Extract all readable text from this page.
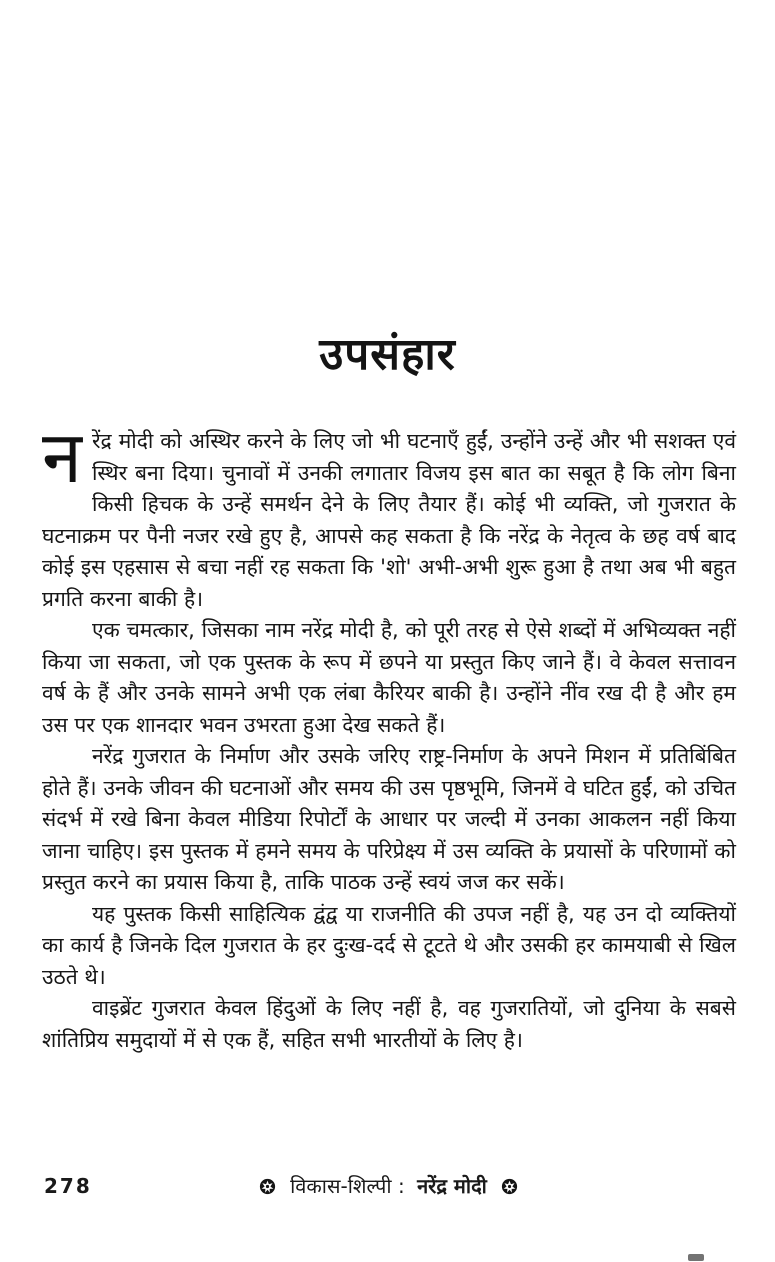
उपसंहार

नरेंद्र मोदी को अस्थिर करने के लिए जो भी घटनाएँ हुईं, उन्होंने उन्हें और भी सशक्त एवं स्थिर बना दिया। चुनावों में उनकी लगातार विजय इस बात का सबूत है कि लोग बिना किसी हिचक के उन्हें समर्थन देने के लिए तैयार हैं। कोई भी व्यक्ति, जो गुजरात के घटनाक्रम पर पैनी नजर रखे हुए है, आपसे कह सकता है कि नरेंद्र के नेतृत्व के छह वर्ष बाद कोई इस एहसास से बचा नहीं रह सकता कि 'शो' अभी-अभी शुरू हुआ है तथा अब भी बहुत प्रगति करना बाकी है।

एक चमत्कार, जिसका नाम नरेंद्र मोदी है, को पूरी तरह से ऐसे शब्दों में अभिव्यक्त नहीं किया जा सकता, जो एक पुस्तक के रूप में छपने या प्रस्तुत किए जाने हैं। वे केवल सत्तावन वर्ष के हैं और उनके सामने अभी एक लंबा कैरियर बाकी है। उन्होंने नींव रख दी है और हम उस पर एक शानदार भवन उभरता हुआ देख सकते हैं।

नरेंद्र गुजरात के निर्माण और उसके जरिए राष्ट्र-निर्माण के अपने मिशन में प्रतिबिंबित होते हैं। उनके जीवन की घटनाओं और समय की उस पृष्ठभूमि, जिनमें वे घटित हुईं, को उचित संदर्भ में रखे बिना केवल मीडिया रिपोर्टों के आधार पर जल्दी में उनका आकलन नहीं किया जाना चाहिए। इस पुस्तक में हमने समय के परिप्रेक्ष्य में उस व्यक्ति के प्रयासों के परिणामों को प्रस्तुत करने का प्रयास किया है, ताकि पाठक उन्हें स्वयं जज कर सकें।

यह पुस्तक किसी साहित्यिक द्वंद्व या राजनीति की उपज नहीं है, यह उन दो व्यक्तियों का कार्य है जिनके दिल गुजरात के हर दुःख-दर्द से टूटते थे और उसकी हर कामयाबी से खिल उठते थे।

वाइब्रेंट गुजरात केवल हिंदुओं के लिए नहीं है, वह गुजरातियों, जो दुनिया के सबसे शांतिप्रिय समुदायों में से एक हैं, सहित सभी भारतीयों के लिए है।

278	विकास-शिल्पी : नरेंद्र मोदी
